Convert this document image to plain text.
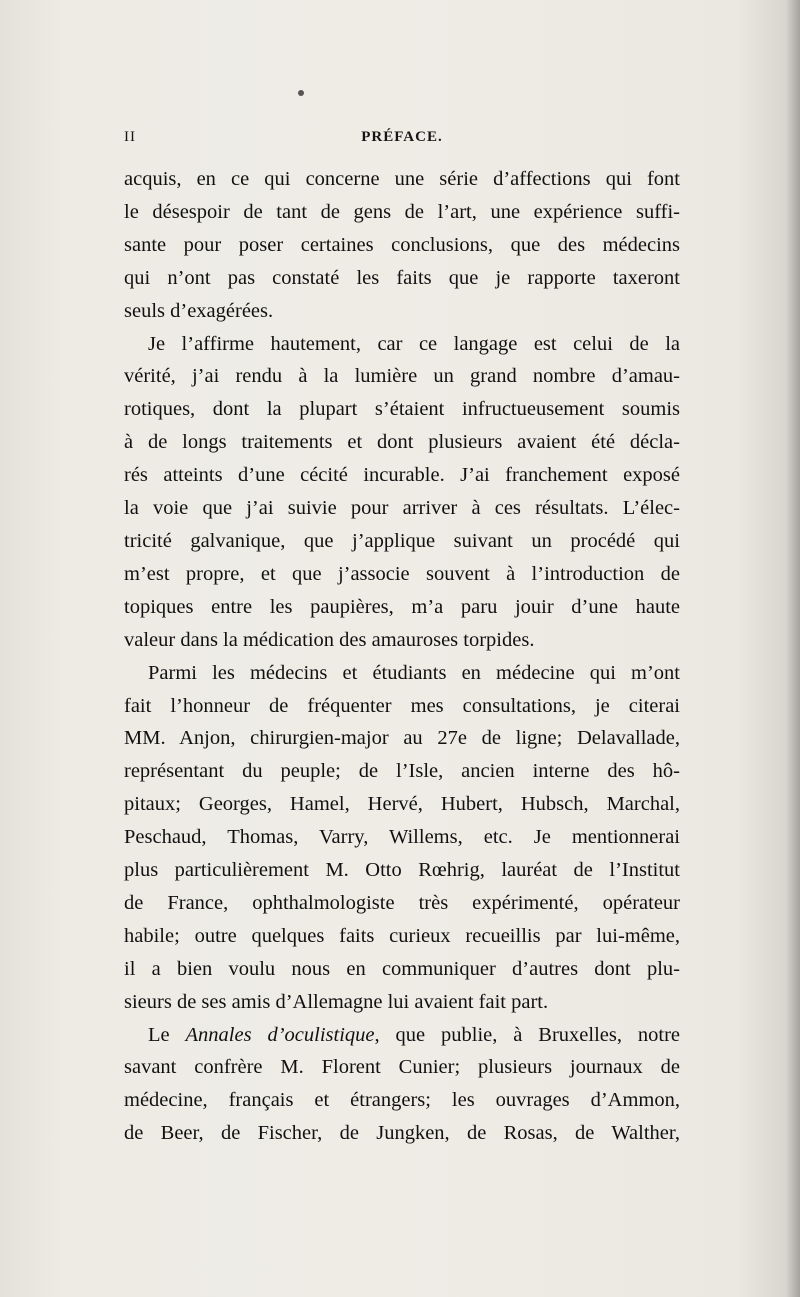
II	PRÉFACE.

acquis, en ce qui concerne une série d’affections qui font

le désespoir de tant de gens de l’art, une expérience suffi-

sante pour poser certaines conclusions, que des médecins

qui n’ont pas constaté les faits que je rapporte taxeront

seuls d’exagérées.

Je l’affirme hautement, car ce langage est celui de la

vérité, j’ai rendu à la lumière un grand nombre d’amau-

rotiques, dont la plupart s’étaient infructueusement soumis

à de longs traitements et dont plusieurs avaient été décla-

rés atteints d’une cécité incurable. J’ai franchement exposé

la voie que j’ai suivie pour arriver à ces résultats. L’élec-

tricité galvanique, que j’applique suivant un procédé qui

m’est propre, et que j’associe souvent à l’introduction de

topiques entre les paupières, m’a paru jouir d’une haute

valeur dans la médication des amauroses torpides.

Parmi les médecins et étudiants en médecine qui m’ont

fait l’honneur de fréquenter mes consultations, je citerai

MM. Anjon, chirurgien-major au 27e de ligne; Delavallade,

représentant du peuple; de l’Isle, ancien interne des hô-

pitaux; Georges, Hamel, Hervé, Hubert, Hubsch, Marchal,

Peschaud, Thomas, Varry, Willems, etc. Je mentionnerai

plus particulièrement M. Otto Rœhrig, lauréat de l’Institut

de France, ophthalmologiste très expérimenté, opérateur

habile; outre quelques faits curieux recueillis par lui-même,

il a bien voulu nous en communiquer d’autres dont plu-

sieurs de ses amis d’Allemagne lui avaient fait part.

Le Annales d’oculistique, que publie, à Bruxelles, notre

savant confrère M. Florent Cunier; plusieurs journaux de

médecine, français et étrangers; les ouvrages d’Ammon,

de Beer, de Fischer, de Jungken, de Rosas, de Walther,
